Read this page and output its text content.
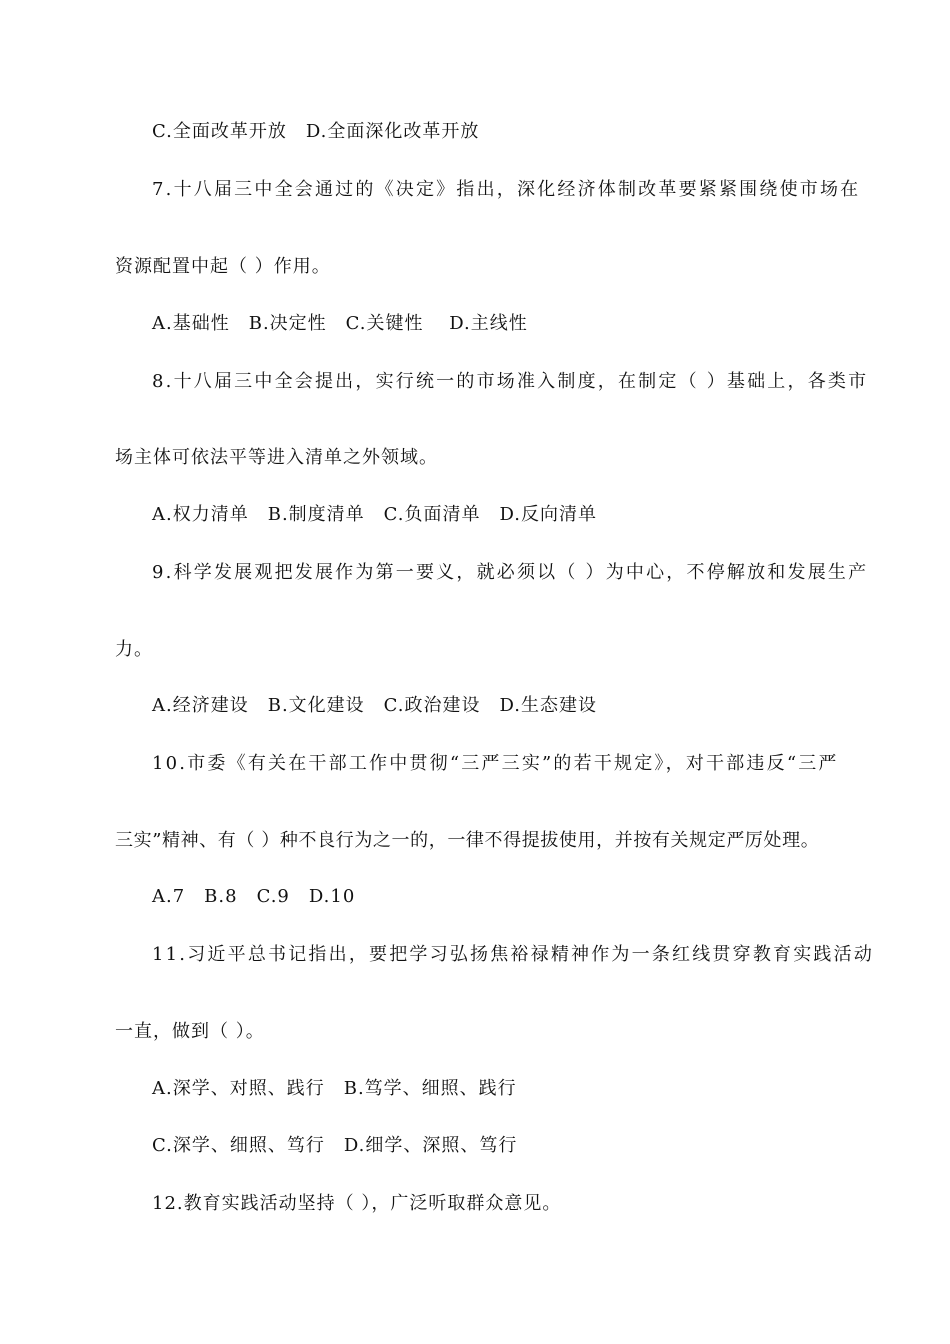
C.全面改革开放　D.全面深化改革开放
7.十八届三中全会通过的《决定》指出，深化经济体制改革要紧紧围绕使市场在
资源配置中起（ ）作用。
A.基础性　B.决定性　C.关键性　 D.主线性
8.十八届三中全会提出，实行统一的市场准入制度，在制定（ ）基础上，各类市
场主体可依法平等进入清单之外领域。
A.权力清单　B.制度清单　C.负面清单　D.反向清单
9.科学发展观把发展作为第一要义，就必须以（ ）为中心，不停解放和发展生产
力。
A.经济建设　B.文化建设　C.政治建设　D.生态建设
10.市委《有关在干部工作中贯彻“三严三实”的若干规定》，对干部违反“三严
三实”精神、有（ ）种不良行为之一的，一律不得提拔使用，并按有关规定严厉处理。
A.7　B.8　C.9　D.10
11.习近平总书记指出，要把学习弘扬焦裕禄精神作为一条红线贯穿教育实践活动
一直，做到（ ）。
A.深学、对照、践行　B.笃学、细照、践行
C.深学、细照、笃行　D.细学、深照、笃行
12.教育实践活动坚持（ ），广泛听取群众意见。
